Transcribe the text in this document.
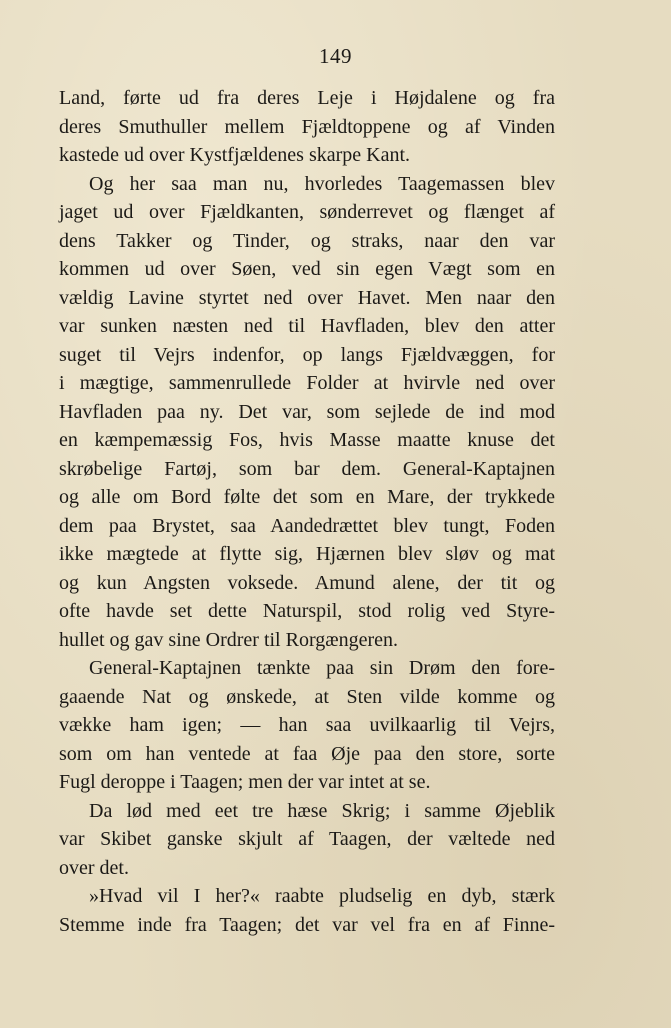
149
Land, førte ud fra deres Leje i Højdalene og fra
deres Smuthuller mellem Fjældtoppene og af Vinden
kastede ud over Kystfjældenes skarpe Kant.
Og her saa man nu, hvorledes Taagemassen blev
jaget ud over Fjældkanten, sønderrevet og flænget af
dens Takker og Tinder, og straks, naar den var
kommen ud over Søen, ved sin egen Vægt som en
vældig Lavine styrtet ned over Havet. Men naar den
var sunken næsten ned til Havfladen, blev den atter
suget til Vejrs indenfor, op langs Fjældvæggen, for
i mægtige, sammenrullede Folder at hvirvle ned over
Havfladen paa ny. Det var, som sejlede de ind mod
en kæmpemæssig Fos, hvis Masse maatte knuse det
skrøbelige Fartøj, som bar dem. General-Kaptajnen
og alle om Bord følte det som en Mare, der trykkede
dem paa Brystet, saa Aandedrættet blev tungt, Foden
ikke mægtede at flytte sig, Hjærnen blev sløv og mat
og kun Angsten voksede. Amund alene, der tit og
ofte havde set dette Naturspil, stod rolig ved Styre-
hullet og gav sine Ordrer til Rorgængeren.
General-Kaptajnen tænkte paa sin Drøm den fore-
gaaende Nat og ønskede, at Sten vilde komme og
vække ham igen; — han saa uvilkaarlig til Vejrs,
som om han ventede at faa Øje paa den store, sorte
Fugl deroppe i Taagen; men der var intet at se.
Da lød med eet tre hæse Skrig; i samme Øjeblik
var Skibet ganske skjult af Taagen, der væltede ned
over det.
»Hvad vil I her?« raabte pludselig en dyb, stærk
Stemme inde fra Taagen; det var vel fra en af Finne-
